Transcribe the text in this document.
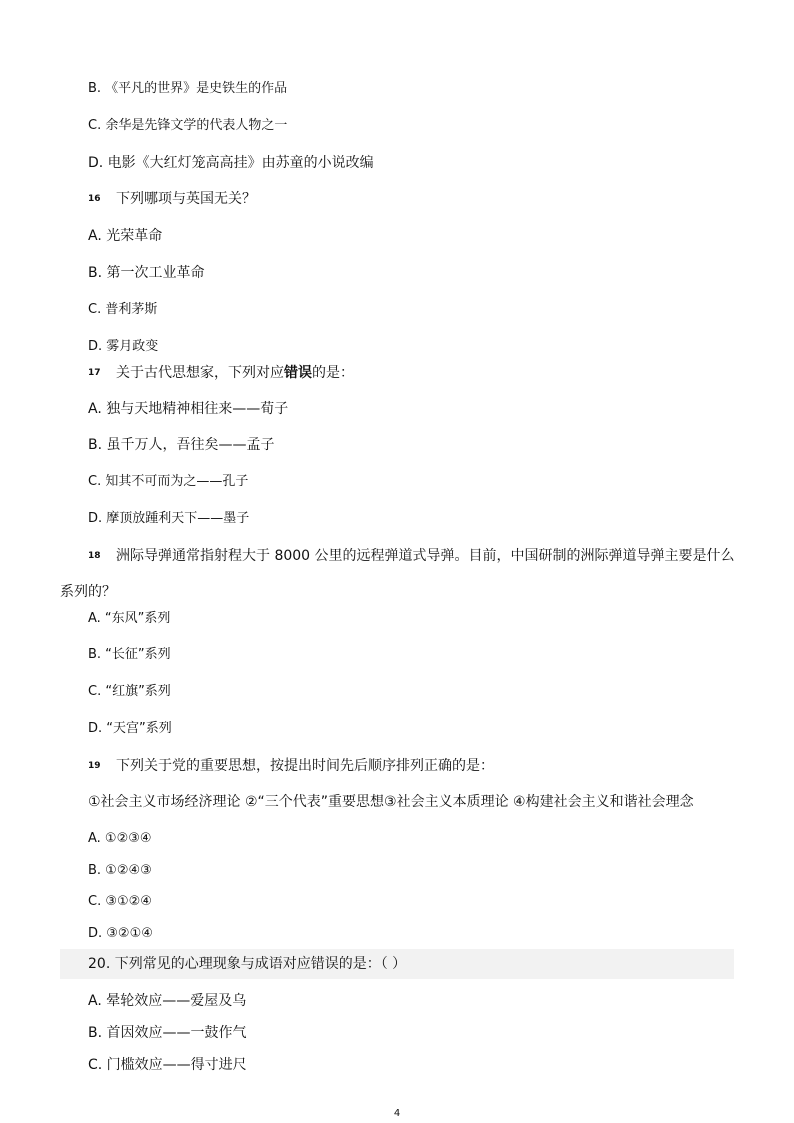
B. 《平凡的世界》是史铁生的作品
C. 余华是先锋文学的代表人物之一
D. 电影《大红灯笼高高挂》由苏童的小说改编
16 下列哪项与英国无关？
A. 光荣革命
B. 第一次工业革命
C. 普利茅斯
D. 雾月政变
17 关于古代思想家，下列对应错误的是：
A. 独与天地精神相往来——荀子
B. 虽千万人，吾往矣——孟子
C. 知其不可而为之——孔子
D. 摩顶放踵利天下——墨子
18 洲际导弹通常指射程大于 8000 公里的远程弹道式导弹。目前，中国研制的洲际弹道导弹主要是什么系列的？
A. “东风”系列
B. “长征”系列
C. “红旗”系列
D. “天宫”系列
19 下列关于党的重要思想，按提出时间先后顺序排列正确的是：
①社会主义市场经济理论 ②“三个代表”重要思想③社会主义本质理论 ④构建社会主义和谐社会理念
A. ①②③④
B. ①②④③
C. ③①②④
D. ③②①④
20. 下列常见的心理现象与成语对应错误的是：（ ）
A. 晕轮效应——爱屋及乌
B. 首因效应——一鼓作气
C. 门槛效应——得寸进尺
4
